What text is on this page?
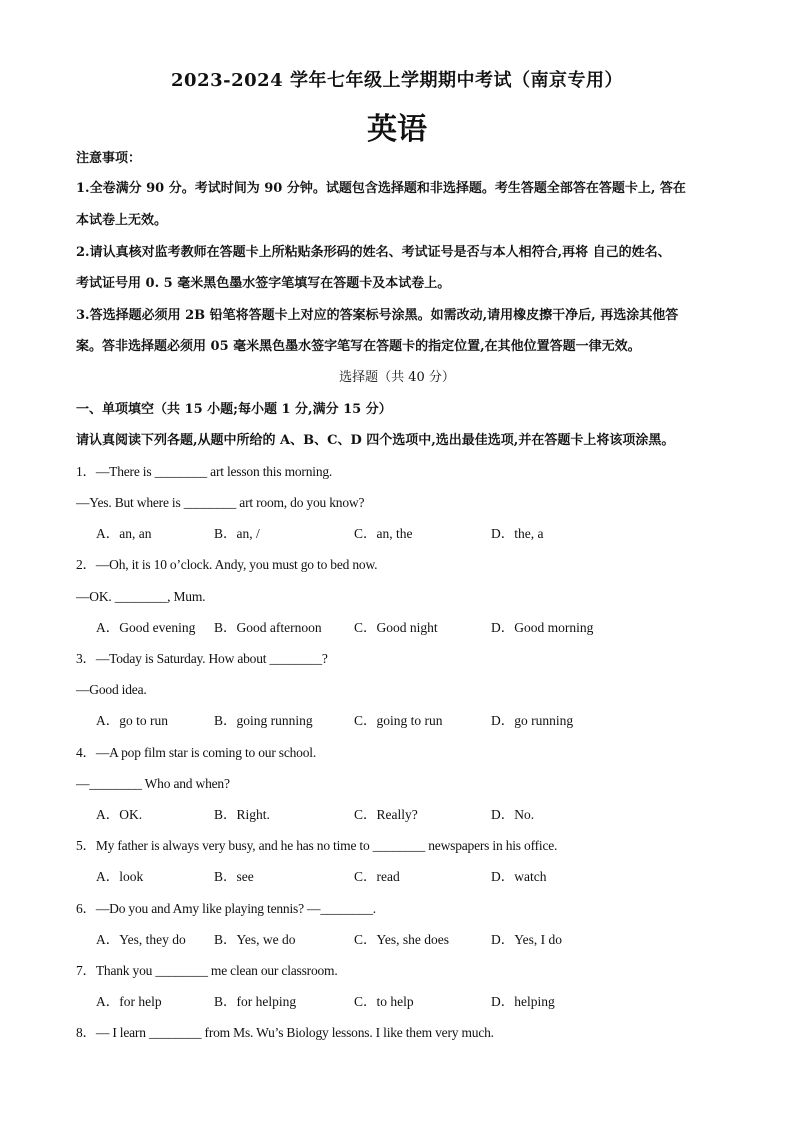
2023-2024 学年七年级上学期期中考试（南京专用）
英语
注意事项：
1.全卷满分 90 分。考试时间为 90 分钟。试题包含选择题和非选择题。考生答题全部答在答题卡上, 答在
本试卷上无效。
2.请认真核对监考教师在答题卡上所粘贴条形码的姓名、考试证号是否与本人相符合,再将 自己的姓名、
考试证号用 0. 5 毫米黑色墨水签字笔填写在答题卡及本试卷上。
3.答选择题必须用 2B 铅笔将答题卡上对应的答案标号涂黑。如需改动,请用橡皮擦干净后, 再选涂其他答
案。答非选择题必须用 05 毫米黑色墨水签字笔写在答题卡的指定位置,在其他位置答题一律无效。
选择题（共 40 分）
一、单项填空（共 15 小题;每小题 1 分,满分 15 分）
请认真阅读下列各题,从题中所给的 A、B、C、D 四个选项中,选出最佳选项,并在答题卡上将该项涂黑。
1．—There is ________ art lesson this morning.
—Yes. But where is ________ art room, do you know?
A．an, an	B．an, /	C．an, the	D．the, a
2．—Oh, it is 10 o’clock. Andy, you must go to bed now.
—OK. ________, Mum.
A．Good evening B．Good afternoon C．Good night	D．Good morning
3．—Today is Saturday. How about ________?
—Good idea.
A．go to run	B．going running	C．going to run	D．go running
4．—A pop film star is coming to our school.
—________ Who and when?
A．OK.	B．Right.	C．Really?	D．No.
5．My father is always very busy, and he has no time to ________ newspapers in his office.
A．look	B．see	C．read	D．watch
6．—Do you and Amy like playing tennis? —________.
A．Yes, they do B．Yes, we do	C．Yes, she does	D．Yes, I do
7．Thank you ________ me clean our classroom.
A．for help	B．for helping	C．to help	D．helping
8．— I learn ________ from Ms. Wu’s Biology lessons. I like them very much.
